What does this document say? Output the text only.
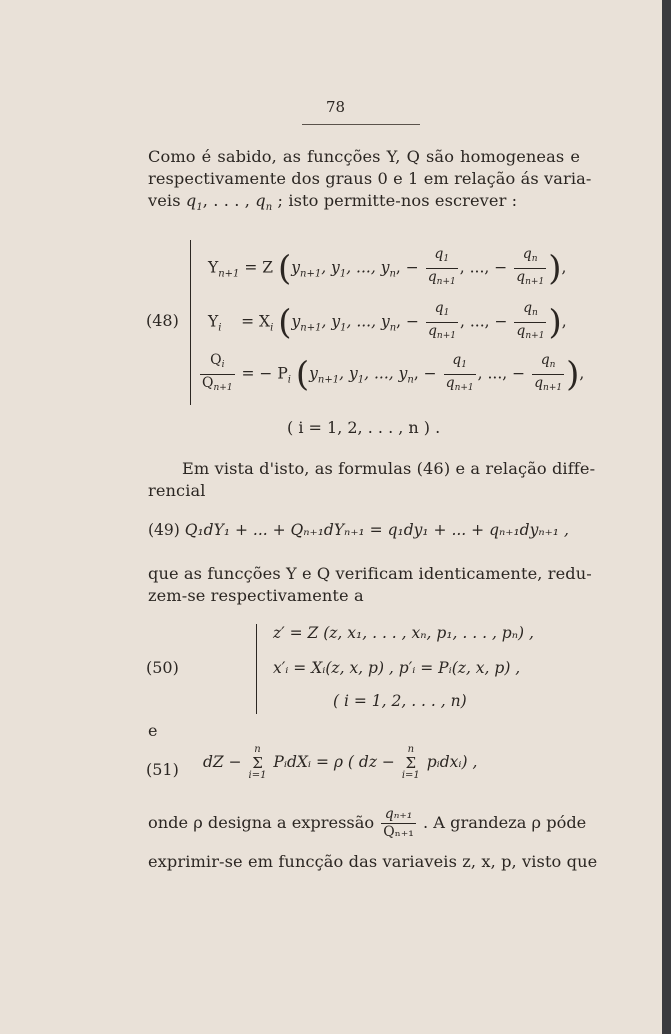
78
Como é sabido, as funcções Y, Q são homogeneas e
respectivamente dos graus 0 e 1 em relação ás varia-
veis $q_1$, . . . , $q_n$ ; isto permitte-nos escrever :
(48)
$Y_{n+1} = Z$ ($y_{n+1}$, $y_1$, ..., $y_n$, − $\frac{q_1}{q_{n+1}}$ , ..., − $\frac{q_n}{q_{n+1}}$ ),
$Y_i$    = $X_i$ ($y_{n+1}$, $y_1$, ..., $y_n$, − $\frac{q_1}{q_{n+1}}$ , ..., − $\frac{q_n}{q_{n+1}}$ ),
$\frac{Q_i}{Q_{n+1}}$ = − $P_i$ ($y_{n+1}$, $y_1$, ..., $y_n$, − $\frac{q_1}{q_{n+1}}$ , ..., − $\frac{q_n}{q_{n+1}}$ ),
( i = 1, 2, . . . , n ) .
Em vista d'isto, as formulas (46) e a relação diffe-
rencial
(49) Q₁dY₁ + ... + Qₙ₊₁dYₙ₊₁ = q₁dy₁ + ... + qₙ₊₁dyₙ₊₁ ,
que as funcções Y e Q verificam identicamente, redu-
zem-se respectivamente a
(50)
z′ = Z (z, x₁, . . . , xₙ, p₁, . . . , pₙ) ,
x′ᵢ = Xᵢ(z, x, p) , p′ᵢ = Pᵢ(z, x, p) ,
( i = 1, 2, . . . , n)
e
(51) dZ −
n
Σ
i=1
PᵢdXᵢ = ρ ( dz −
n
Σ
i=1
pᵢdxᵢ) ,
onde ρ designa a expressão $\frac{\text{qₙ₊₁}}{\text{Qₙ₊₁}}$ . A grandeza ρ póde
exprimir-se em funcção das variaveis z, x, p, visto que
